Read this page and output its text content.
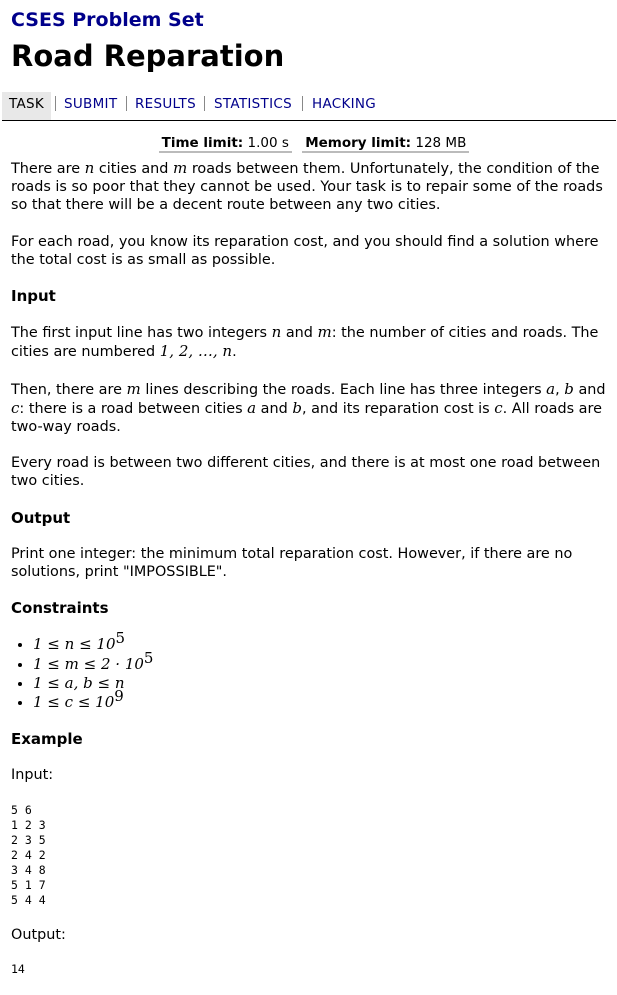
CSES Problem Set
Road Reparation
TASK	SUBMIT RESULTS STATISTICS HACKING
Time limit: 1.00 s Memory limit: 128 MB

There are n cities and m roads between them. Unfortunately, the condition of the roads is so poor that they cannot be used. Your task is to repair some of the roads so that there will be a decent route between any two cities.

For each road, you know its reparation cost, and you should find a solution where the total cost is as small as possible.

Input

The first input line has two integers n and m: the number of cities and roads. The cities are numbered 1, 2, …, n.

Then, there are m lines describing the roads. Each line has three integers a, b and c: there is a road between cities a and b, and its reparation cost is c. All roads are two-way roads.

Every road is between two different cities, and there is at most one road between two cities.

Output

Print one integer: the minimum total reparation cost. However, if there are no solutions, print "IMPOSSIBLE".

Constraints
• $1 \le n \le 10^5$
• $1 \le m \le 2 \cdot 10^5$
• 1 ≤ a, b ≤ n
• $1 \le c \le 10^9$
Example

Input:

5 6
1 2 3
2 3 5
2 4 2
3 4 8
5 1 7
5 4 4

Output:

14
